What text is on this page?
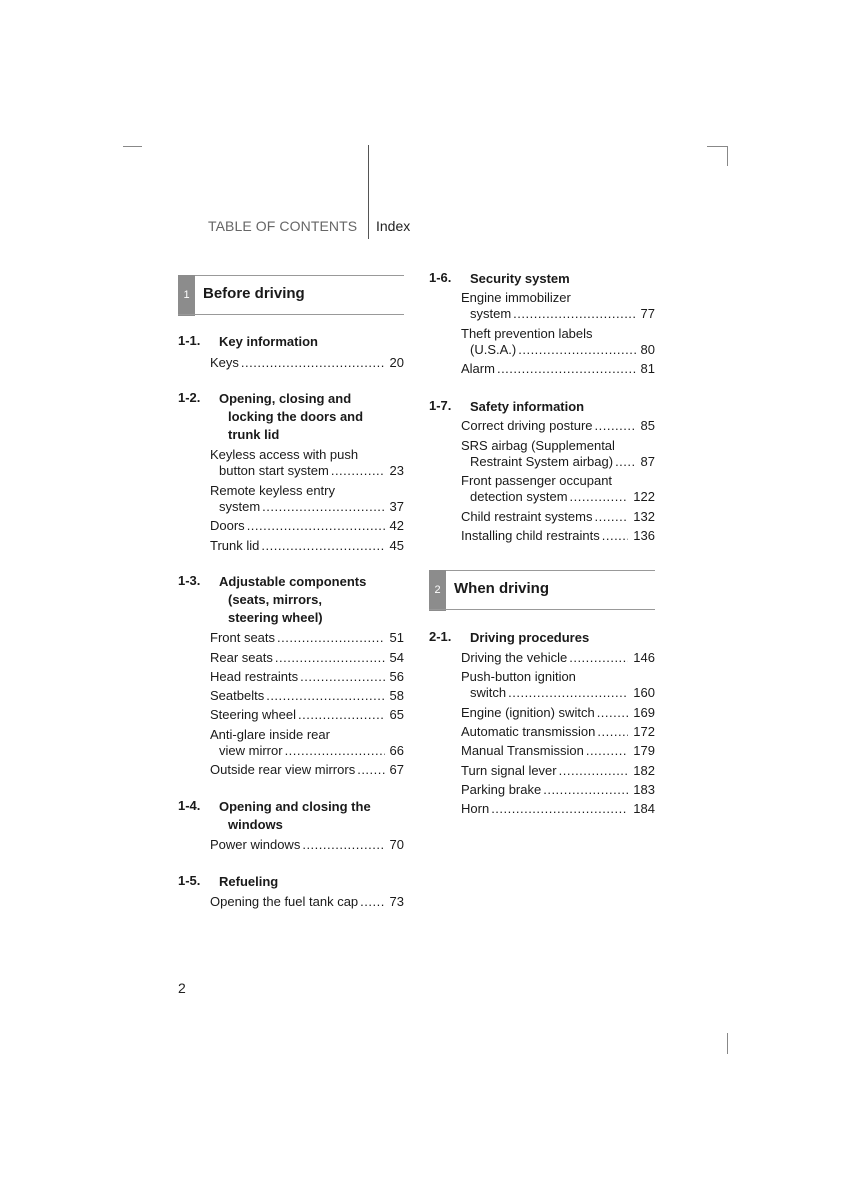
TABLE OF CONTENTS Index
1 Before driving
1-1. Key information
Keys .....	20
1-2. Opening, closing and
locking the doors and
trunk lid
Keyless access with push
button start system .....	23
Remote keyless entry
system .....	37
Doors .....	42
Trunk lid .....	45
1-3. Adjustable components
(seats, mirrors,
steering wheel)
Front seats .....	51
Rear seats .....	54
Head restraints .....	56
Seatbelts .....	58
Steering wheel .....	65
Anti-glare inside rear
view mirror .....	66
Outside rear view mirrors .....	67
1-4. Opening and closing the
windows
Power windows .....	70
1-5. Refueling
Opening the fuel tank cap ..... 73
1-6. Security system
Engine immobilizer
system .....	77
Theft prevention labels
(U.S.A.) .....	80
Alarm .....	81
1-7. Safety information
Correct driving posture .....	85
SRS airbag (Supplemental
Restraint System airbag) ..... 87
Front passenger occupant
detection system .....	122
Child restraint systems .....	132
Installing child restraints .....	136
2 When driving
2-1. Driving procedures
Driving the vehicle .....	146
Push-button ignition
switch .....	160
Engine (ignition) switch .....	169
Automatic transmission .....	172
Manual Transmission .....	179
Turn signal lever .....	182
Parking brake .....	183
Horn .....	184
2
